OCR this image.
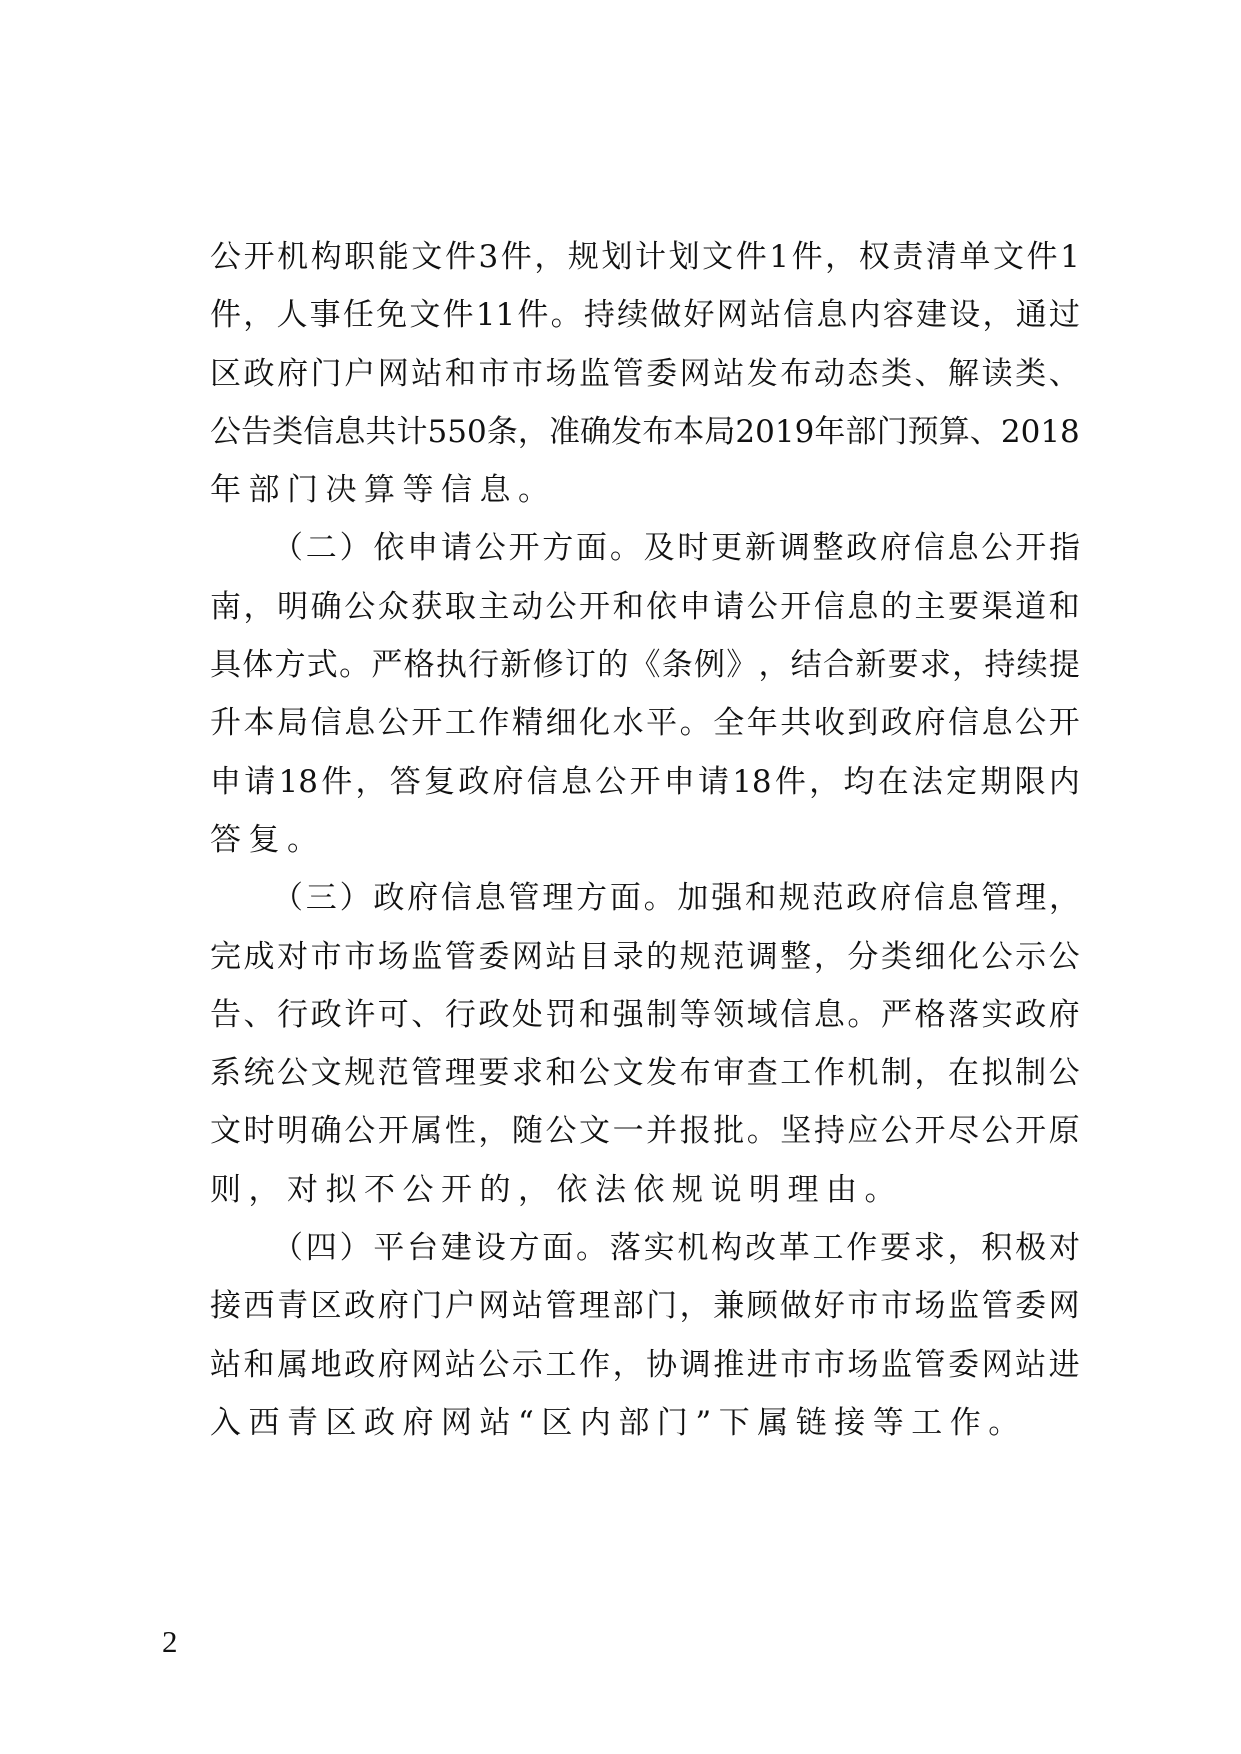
公 开 机 构 职 能 文 件 3 件 ， 规 划 计 划 文 件 1 件 ， 权 责 清 单 文 件 1
件 ， 人 事 任 免 文 件 11 件 。 持 续 做 好 网 站 信 息 内 容 建 设 ， 通 过
区 政 府 门 户 网 站 和 市 市 场 监 管 委 网 站 发 布 动 态 类 、 解 读 类 、
公 告 类 信 息 共 计 550 条 ， 准 确 发 布 本 局 2019 年 部 门 预 算 、 2018
年 部 门 决 算 等 信 息 。
（ 二 ） 依 申 请 公 开 方 面 。 及 时 更 新 调 整 政 府 信 息 公 开 指
南 ， 明 确 公 众 获 取 主 动 公 开 和 依 申 请 公 开 信 息 的 主 要 渠 道 和
具 体 方 式 。 严 格 执 行 新 修 订 的 《 条 例 》 ， 结 合 新 要 求 ， 持 续 提
升 本 局 信 息 公 开 工 作 精 细 化 水 平 。 全 年 共 收 到 政 府 信 息 公 开
申 请 18 件 ， 答 复 政 府 信 息 公 开 申 请 18 件 ， 均 在 法 定 期 限 内
答 复 。
（ 三 ） 政 府 信 息 管 理 方 面 。 加 强 和 规 范 政 府 信 息 管 理 ，
完 成 对 市 市 场 监 管 委 网 站 目 录 的 规 范 调 整 ， 分 类 细 化 公 示 公
告 、 行 政 许 可 、 行 政 处 罚 和 强 制 等 领 域 信 息 。 严 格 落 实 政 府
系 统 公 文 规 范 管 理 要 求 和 公 文 发 布 审 查 工 作 机 制 ， 在 拟 制 公
文 时 明 确 公 开 属 性 ， 随 公 文 一 并 报 批 。 坚 持 应 公 开 尽 公 开 原
则 ， 对 拟 不 公 开 的 ， 依 法 依 规 说 明 理 由 。
（ 四 ） 平 台 建 设 方 面 。 落 实 机 构 改 革 工 作 要 求 ， 积 极 对
接 西 青 区 政 府 门 户 网 站 管 理 部 门 ， 兼 顾 做 好 市 市 场 监 管 委 网
站 和 属 地 政 府 网 站 公 示 工 作 ， 协 调 推 进 市 市 场 监 管 委 网 站 进
入 西 青 区 政 府 网 站 “ 区 内 部 门 ” 下 属 链 接 等 工 作 。
2
